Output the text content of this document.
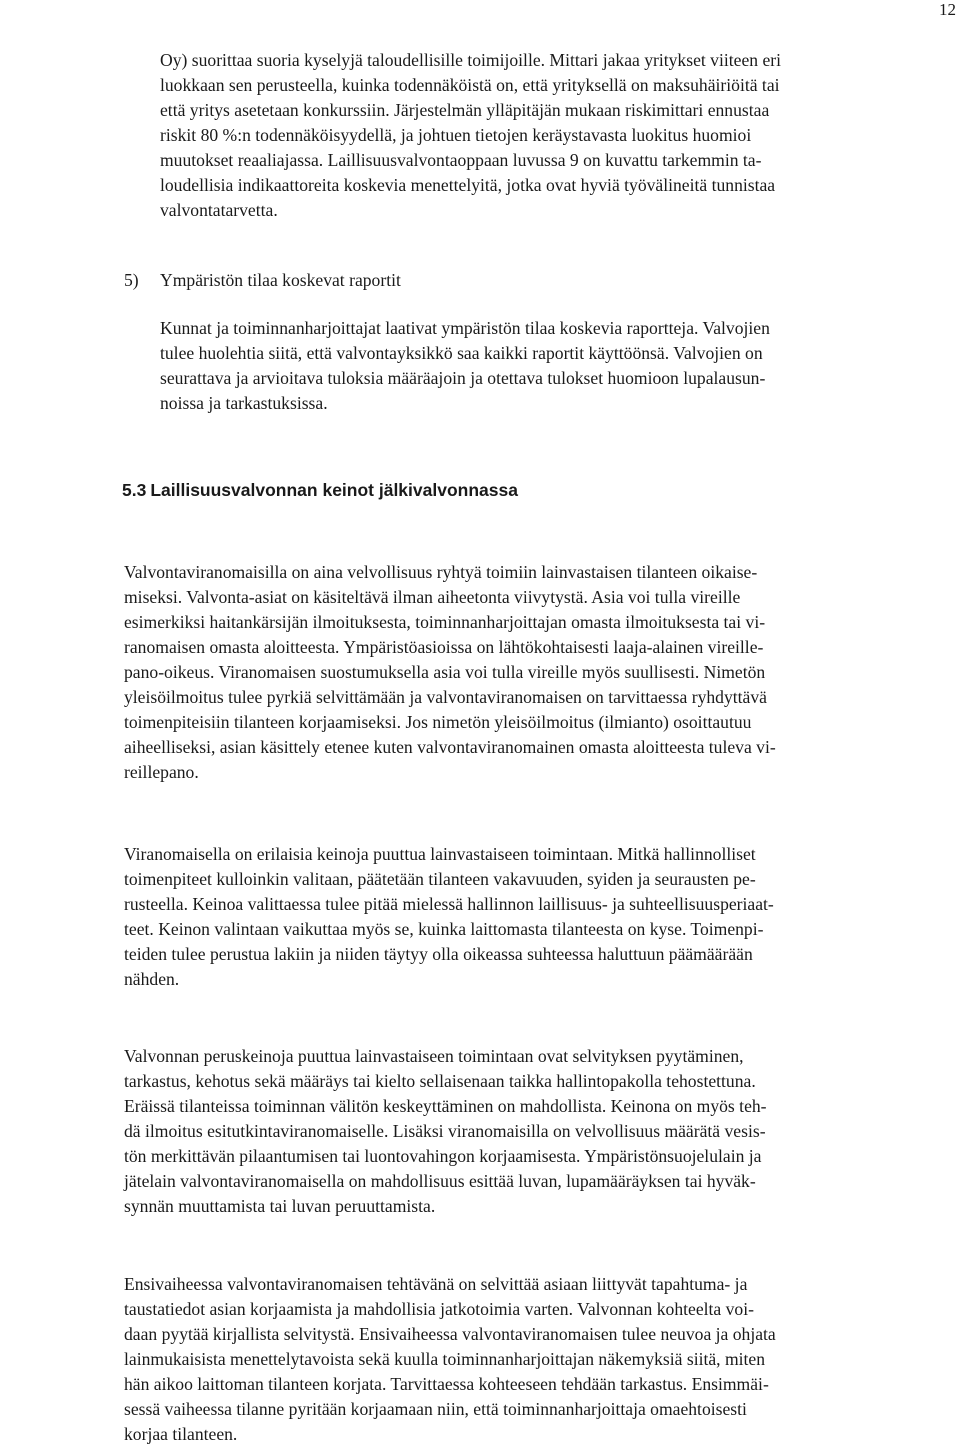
12
Oy) suorittaa suoria kyselyjä taloudellisille toimijoille. Mittari jakaa yritykset viiteen eri
luokkaan sen perusteella, kuinka todennäköistä on, että yrityksellä on maksuhäiriöitä tai
että yritys asetetaan konkurssiin. Järjestelmän ylläpitäjän mukaan riskimittari ennustaa
riskit 80 %:n todennäköisyydellä, ja johtuen tietojen keräystavasta luokitus huomioi
muutokset reaaliajassa. Laillisuusvalvontaoppaan luvussa 9 on kuvattu tarkemmin ta-
loudellisia indikaattoreita koskevia menettelyitä, jotka ovat hyviä työvälineitä tunnistaa
valvontatarvetta.
5)	Ympäristön tilaa koskevat raportit
Kunnat ja toiminnanharjoittajat laativat ympäristön tilaa koskevia raportteja. Valvojien
tulee huolehtia siitä, että valvontayksikkö saa kaikki raportit käyttöönsä. Valvojien on
seurattava ja arvioitava tuloksia määräajoin ja otettava tulokset huomioon lupalausun-
noissa ja tarkastuksissa.
5.3 Laillisuusvalvonnan keinot jälkivalvonnassa
Valvontaviranomaisilla on aina velvollisuus ryhtyä toimiin lainvastaisen tilanteen oikaise-
miseksi. Valvonta-asiat on käsiteltävä ilman aiheetonta viivytystä. Asia voi tulla vireille
esimerkiksi haitankärsijän ilmoituksesta, toiminnanharjoittajan omasta ilmoituksesta tai vi-
ranomaisen omasta aloitteesta. Ympäristöasioissa on lähtökohtaisesti laaja-alainen vireille-
pano-oikeus. Viranomaisen suostumuksella asia voi tulla vireille myös suullisesti. Nimetön
yleisöilmoitus tulee pyrkiä selvittämään ja valvontaviranomaisen on tarvittaessa ryhdyttävä
toimenpiteisiin tilanteen korjaamiseksi. Jos nimetön yleisöilmoitus (ilmianto) osoittautuu
aiheelliseksi, asian käsittely etenee kuten valvontaviranomainen omasta aloitteesta tuleva vi-
reillepano.
Viranomaisella on erilaisia keinoja puuttua lainvastaiseen toimintaan. Mitkä hallinnolliset
toimenpiteet kulloinkin valitaan, päätetään tilanteen vakavuuden, syiden ja seurausten pe-
rusteella. Keinoa valittaessa tulee pitää mielessä hallinnon laillisuus- ja suhteellisuusperiaat-
teet. Keinon valintaan vaikuttaa myös se, kuinka laittomasta tilanteesta on kyse. Toimenpi-
teiden tulee perustua lakiin ja niiden täytyy olla oikeassa suhteessa haluttuun päämäärään
nähden.
Valvonnan peruskeinoja puuttua lainvastaiseen toimintaan ovat selvityksen pyytäminen,
tarkastus, kehotus sekä määräys tai kielto sellaisenaan taikka hallintopakolla tehostettuna.
Eräissä tilanteissa toiminnan välitön keskeyttäminen on mahdollista. Keinona on myös teh-
dä ilmoitus esitutkintaviranomaiselle. Lisäksi viranomaisilla on velvollisuus määrätä vesis-
tön merkittävän pilaantumisen tai luontovahingon korjaamisesta. Ympäristönsuojelulain ja
jätelain valvontaviranomaisella on mahdollisuus esittää luvan, lupamääräyksen tai hyväk-
synnän muuttamista tai luvan peruuttamista.
Ensivaiheessa valvontaviranomaisen tehtävänä on selvittää asiaan liittyvät tapahtuma- ja
taustatiedot asian korjaamista ja mahdollisia jatkotoimia varten. Valvonnan kohteelta voi-
daan pyytää kirjallista selvitystä. Ensivaiheessa valvontaviranomaisen tulee neuvoa ja ohjata
lainmukaisista menettelytavoista sekä kuulla toiminnanharjoittajan näkemyksiä siitä, miten
hän aikoo laittoman tilanteen korjata. Tarvittaessa kohteeseen tehdään tarkastus. Ensimmäi-
sessä vaiheessa tilanne pyritään korjaamaan niin, että toiminnanharjoittaja omaehtoisesti
korjaa tilanteen.
